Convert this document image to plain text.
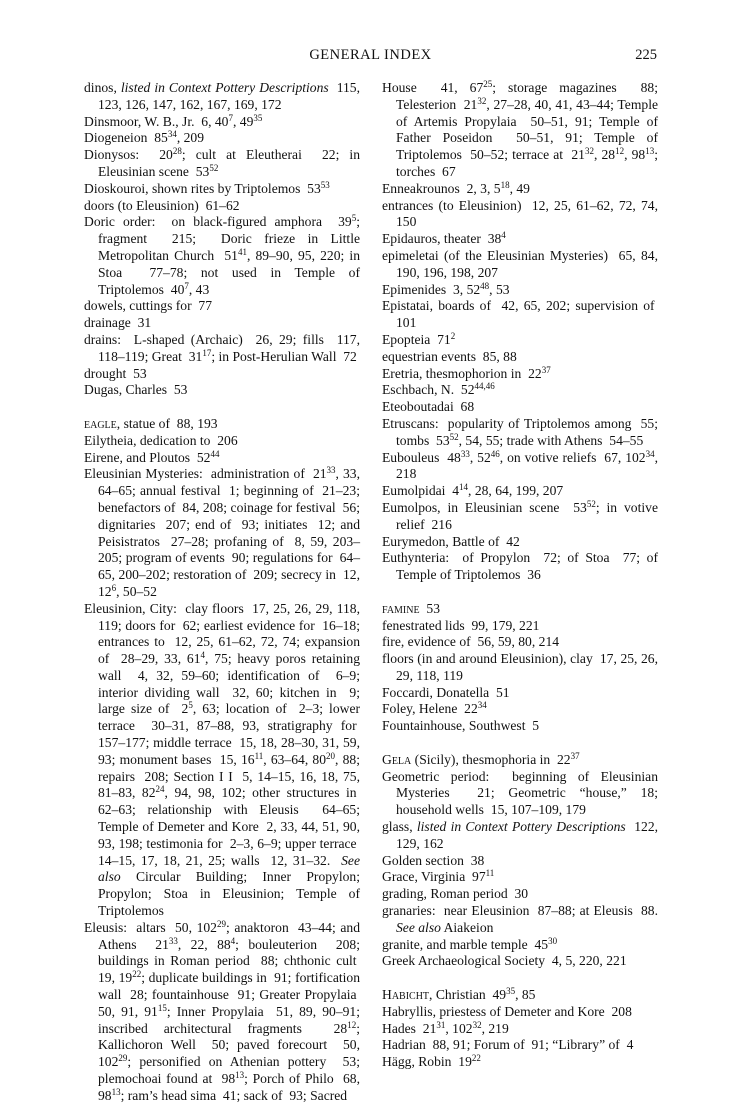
GENERAL INDEX	225
dinos, listed in Context Pottery Descriptions  115, 123, 126, 147, 162, 167, 169, 172
Dinsmoor, W. B., Jr.  6, $40^7$, $49^{35}$
Diogeneion  $85^{34}$, 209
Dionysos:  $20^{28}$; cult at Eleutherai  22; in Eleusinian scene  $53^{52}$
Dioskouroi, shown rites by Triptolemos  $53^{53}$
doors (to Eleusinion)  61–62
Doric order:  on black-figured amphora  $39^5$; fragment  215;  Doric frieze in Little Metropolitan Church  $51^{41}$, 89–90, 95, 220; in Stoa  77–78; not used in Temple of Triptolemos  $40^7$, 43
dowels, cuttings for  77
drainage  31
drains:  L-shaped (Archaic)  26, 29; fills  117, 118–119; Great  $31^{17}$; in Post-Herulian Wall  72
drought  53
Dugas, Charles  53
eagle, statue of  88, 193
Eilytheia, dedication to  206
Eirene, and Ploutos  $52^{44}$
Eleusinian Mysteries:  administration of  $21^{33}$, 33, 64–65; annual festival  1; beginning of  21–23; benefactors of  84, 208; coinage for festival  56; dignitaries  207; end of  93; initiates  12; and Peisistratos  27–28; profaning of  8, 59, 203–205; program of events  90; regulations for  64–65, 200–202; restoration of  209; secrecy in  12, $12^6$, 50–52
Eleusinion, City:  clay floors  17, 25, 26, 29, 118, 119; doors for  62; earliest evidence for  16–18; entrances to  12, 25, 61–62, 72, 74; expansion of  28–29, 33, $61^4$, 75; heavy poros retaining wall  4, 32, 59–60; identification of  6–9; interior dividing wall  32, 60; kitchen in  9; large size of  $2^5$, 63; location of  2–3; lower terrace  30–31, 87–88, 93, stratigraphy for  157–177; middle terrace  15, 18, 28–30, 31, 59, 93; monument bases  15, $16^{11}$, 63–64, $80^{20}$, 88; repairs  208; Section I I  5, 14–15, 16, 18, 75, 81–83, $82^{24}$, 94, 98, 102; other structures in  62–63; relationship with Eleusis  64–65; Temple of Demeter and Kore  2, 33, 44, 51, 90, 93, 198; testimonia for  2–3, 6–9; upper terrace  14–15, 17, 18, 21, 25; walls  12, 31–32.  See also Circular Building; Inner Propylon; Propylon; Stoa in Eleusinion; Temple of Triptolemos
Eleusis:  altars  50, $102^{29}$; anaktoron  43–44; and Athens  $21^{33}$, 22, $88^4$; bouleuterion  208; buildings in Roman period  88; chthonic cult  19, $19^{22}$; duplicate buildings in  91; fortification wall  28; fountainhouse  91; Greater Propylaia  50, 91, $91^{15}$; Inner Propylaia  51, 89, 90–91; inscribed architectural fragments  $28^{12}$; Kallichoron Well  50; paved forecourt  50, $102^{29}$; personified on Athenian pottery  53; plemochoai found at  $98^{13}$; Porch of Philo  68, $98^{13}$; ram’s head sima  41; sack of  93; Sacred
House  41, $67^{25}$; storage magazines  88; Telesterion  $21^{32}$, 27–28, 40, 41, 43–44; Temple of Artemis Propylaia  50–51, 91; Temple of Father Poseidon  50–51, 91; Temple of Triptolemos  50–52; terrace at  $21^{32}$, $28^{12}$, $98^{13}$; torches  67
Enneakrounos  2, 3, $5^{18}$, 49
entrances (to Eleusinion)  12, 25, 61–62, 72, 74, 150
Epidauros, theater  $38^4$
epimeletai (of the Eleusinian Mysteries)  65, 84, 190, 196, 198, 207
Epimenides  3, $52^{48}$, 53
Epistatai, boards of  42, 65, 202; supervision of  101
Epopteia  $71^2$
equestrian events  85, 88
Eretria, thesmophorion in  $22^{37}$
Eschbach, N.  52$^{44,46}$
Eteoboutadai  68
Etruscans:  popularity of Triptolemos among  55; tombs  $53^{52}$, 54, 55; trade with Athens  54–55
Eubouleus  $48^{33}$, $52^{46}$, on votive reliefs  67, $102^{34}$, 218
Eumolpidai  $4^{14}$, 28, 64, 199, 207
Eumolpos, in Eleusinian scene  $53^{52}$; in votive relief  216
Eurymedon, Battle of  42
Euthynteria:  of Propylon  72; of Stoa  77; of Temple of Triptolemos  36
famine  53
fenestrated lids  99, 179, 221
fire, evidence of  56, 59, 80, 214
floors (in and around Eleusinion), clay  17, 25, 26, 29, 118, 119
Foccardi, Donatella  51
Foley, Helene  $22^{34}$
Fountainhouse, Southwest  5
Gela (Sicily), thesmophoria in  $22^{37}$
Geometric period:  beginning of Eleusinian Mysteries  21; Geometric “house,” 18; household wells  15, 107–109, 179
glass, listed in Context Pottery Descriptions  122, 129, 162
Golden section  38
Grace, Virginia  $97^{11}$
grading, Roman period  30
granaries:  near Eleusinion  87–88; at Eleusis  88. See also Aiakeion
granite, and marble temple  $45^{30}$
Greek Archaeological Society  4, 5, 220, 221
Habicht, Christian  $49^{35}$, 85
Habryllis, priestess of Demeter and Kore  208
Hades  $21^{31}$, $102^{32}$, 219
Hadrian  88, 91; Forum of  91; “Library” of  4
Hägg, Robin  $19^{22}$
